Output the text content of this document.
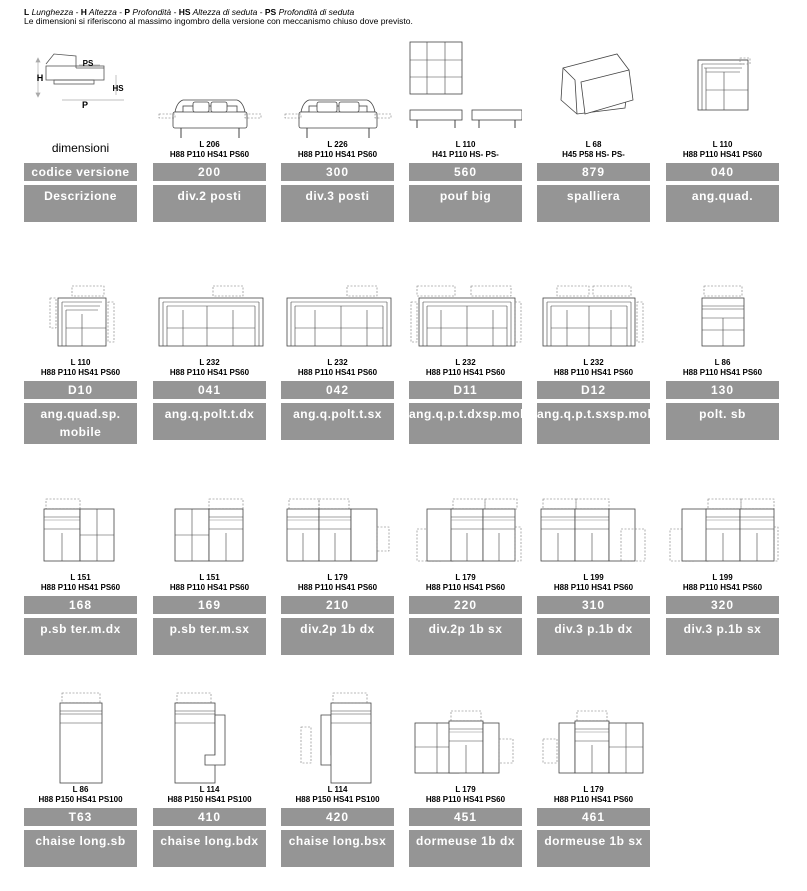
L Lunghezza - H Altezza - P Profondità - HS Altezza di seduta - PS Profondità di seduta
Le dimensioni si riferiscono al massimo ingombro della versione con meccanismo chiuso dove previsto.
PS
H
HS
P
dimensioni
codice versione
Descrizione
L 206
H88 P110 HS41 PS60
200
div.2 posti
L 226
H88 P110 HS41 PS60
300
div.3 posti
L 110
H41 P110 HS- PS-
560
pouf big
L 68
H45 P58 HS- PS-
879
spalliera
L 110
H88 P110 HS41 PS60
040
ang.quad.
L 110
H88 P110 HS41 PS60
D10
ang.quad.sp. mobile
L 232
H88 P110 HS41 PS60
041
ang.q.polt.t.dx
L 232
H88 P110 HS41 PS60
042
ang.q.polt.t.sx
L 232
H88 P110 HS41 PS60
D11
ang.q.p.t.dxsp.mob.
L 232
H88 P110 HS41 PS60
D12
ang.q.p.t.sxsp.mob.
L 86
H88 P110 HS41 PS60
130
polt. sb
L 151
H88 P110 HS41 PS60
168
p.sb ter.m.dx
L 151
H88 P110 HS41 PS60
169
p.sb ter.m.sx
L 179
H88 P110 HS41 PS60
210
div.2p 1b dx
L 179
H88 P110 HS41 PS60
220
div.2p 1b sx
L 199
H88 P110 HS41 PS60
310
div.3 p.1b dx
L 199
H88 P110 HS41 PS60
320
div.3 p.1b sx
L 86
H88 P150 HS41 PS100
T63
chaise long.sb
L 114
H88 P150 HS41 PS100
410
chaise long.bdx
L 114
H88 P150 HS41 PS100
420
chaise long.bsx
L 179
H88 P110 HS41 PS60
451
dormeuse 1b dx
L 179
H88 P110 HS41 PS60
461
dormeuse 1b sx
